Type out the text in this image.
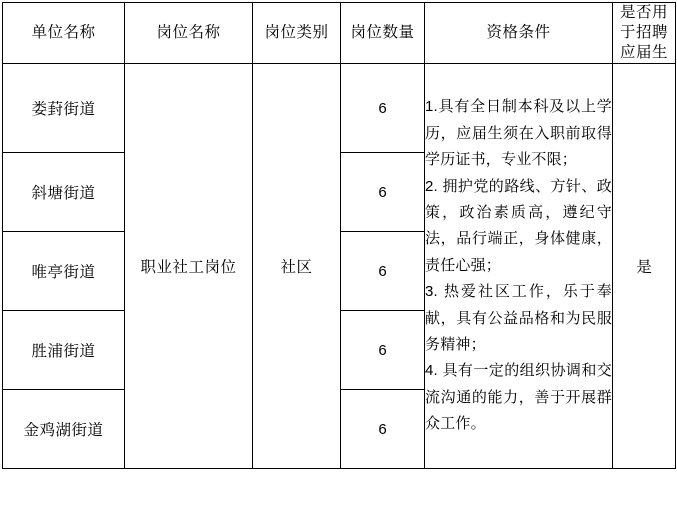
单位名称	岗位名称	岗位类别	岗位数量	资格条件	是否用于招聘应届生
娄葑街道	职业社工岗位	社区	6	1.具有全日制本科及以上学历，应届生须在入职前取得学历证书，专业不限；

2. 拥护党的路线、方针、政策，政治素质高，遵纪守法，品行端正，身体健康，责任心强；

3. 热爱社区工作，乐于奉献，具有公益品格和为民服务精神；

4. 具有一定的组织协调和交流沟通的能力，善于开展群众工作。	是
斜塘街道			6		
唯亭街道			6		
胜浦街道			6		
金鸡湖街道			6		
